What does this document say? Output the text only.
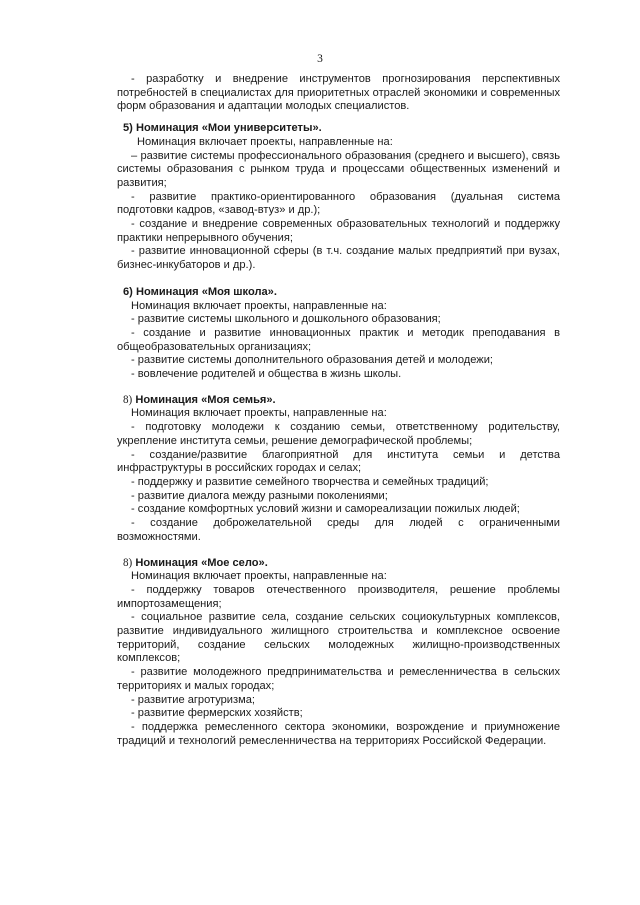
3

- разработку и внедрение инструментов прогнозирования перспективных потребностей в специалистах для приоритетных отраслей экономики и современных форм образования и адаптации молодых специалистов.

5) Номинация «Мои университеты».

Номинация включает проекты, направленные на:

– развитие системы профессионального образования (среднего и высшего), связь системы образования с рынком труда и процессами общественных изменений и развития;

- развитие практико-ориентированного образования (дуальная система подготовки кадров, «завод-втуз» и др.);

- создание и внедрение современных образовательных технологий и поддержку практики непрерывного обучения;

- развитие инновационной сферы (в т.ч. создание малых предприятий при вузах, бизнес-инкубаторов и др.).

6) Номинация «Моя школа».

Номинация включает проекты, направленные на:

- развитие системы школьного и дошкольного образования;

- создание и развитие инновационных практик и методик преподавания в общеобразовательных организациях;

- развитие системы дополнительного образования детей и молодежи;

- вовлечение родителей и общества в жизнь школы.

8) Номинация «Моя семья».

Номинация включает проекты, направленные на:

- подготовку молодежи к созданию семьи, ответственному родительству, укрепление института семьи, решение демографической проблемы;

- создание/развитие благоприятной для института семьи и детства инфраструктуры в российских городах и селах;

- поддержку и развитие семейного творчества и семейных традиций;

- развитие диалога между разными поколениями;

- создание комфортных условий жизни и самореализации пожилых людей;

- создание доброжелательной среды для людей с ограниченными возможностями.

8) Номинация «Мое село».

Номинация включает проекты, направленные на:

- поддержку товаров отечественного производителя, решение проблемы импортозамещения;

- социальное развитие села, создание сельских социокультурных комплексов, развитие индивидуального жилищного строительства и комплексное освоение территорий, создание сельских молодежных жилищно-производственных комплексов;

- развитие молодежного предпринимательства и ремесленничества в сельских территориях и малых городах;

- развитие агротуризма;

- развитие фермерских хозяйств;

- поддержка ремесленного сектора экономики, возрождение и приумножение традиций и технологий ремесленничества на территориях Российской Федерации.
